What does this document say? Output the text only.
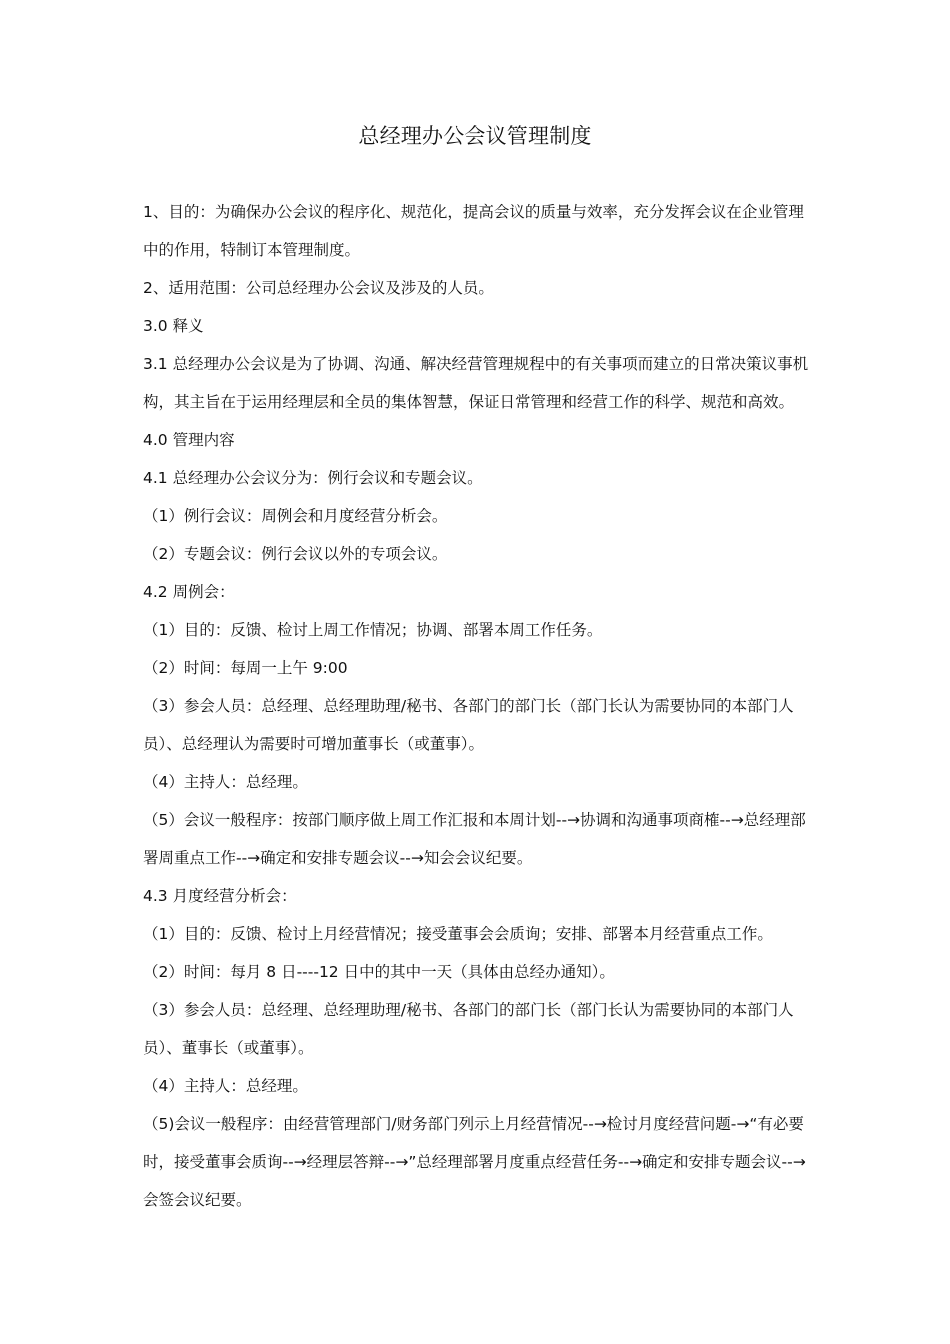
总经理办公会议管理制度

1、目的：为确保办公会议的程序化、规范化，提高会议的质量与效率，充分发挥会议在企业管理中的作用，特制订本管理制度。

2、适用范围：公司总经理办公会议及涉及的人员。

3.0 释义

3.1 总经理办公会议是为了协调、沟通、解决经营管理规程中的有关事项而建立的日常决策议事机构，其主旨在于运用经理层和全员的集体智慧，保证日常管理和经营工作的科学、规范和高效。

4.0 管理内容

4.1 总经理办公会议分为：例行会议和专题会议。

（1）例行会议：周例会和月度经营分析会。

（2）专题会议：例行会议以外的专项会议。

4.2 周例会：

（1）目的：反馈、检讨上周工作情况；协调、部署本周工作任务。

（2）时间：每周一上午 9:00

（3）参会人员：总经理、总经理助理/秘书、各部门的部门长（部门长认为需要协同的本部门人员）、总经理认为需要时可增加董事长（或董事）。

（4）主持人：总经理。

（5）会议一般程序：按部门顺序做上周工作汇报和本周计划--→协调和沟通事项商榷--→总经理部署周重点工作--→确定和安排专题会议--→知会会议纪要。

4.3 月度经营分析会：

（1）目的：反馈、检讨上月经营情况；接受董事会会质询；安排、部署本月经营重点工作。

（2）时间：每月 8 日----12 日中的其中一天（具体由总经办通知）。

（3）参会人员：总经理、总经理助理/秘书、各部门的部门长（部门长认为需要协同的本部门人员）、董事长（或董事）。

（4）主持人：总经理。

（5)会议一般程序：由经营管理部门/财务部门列示上月经营情况--→检讨月度经营问题-→“有必要时，接受董事会质询--→经理层答辩--→”总经理部署月度重点经营任务--→确定和安排专题会议--→会签会议纪要。
